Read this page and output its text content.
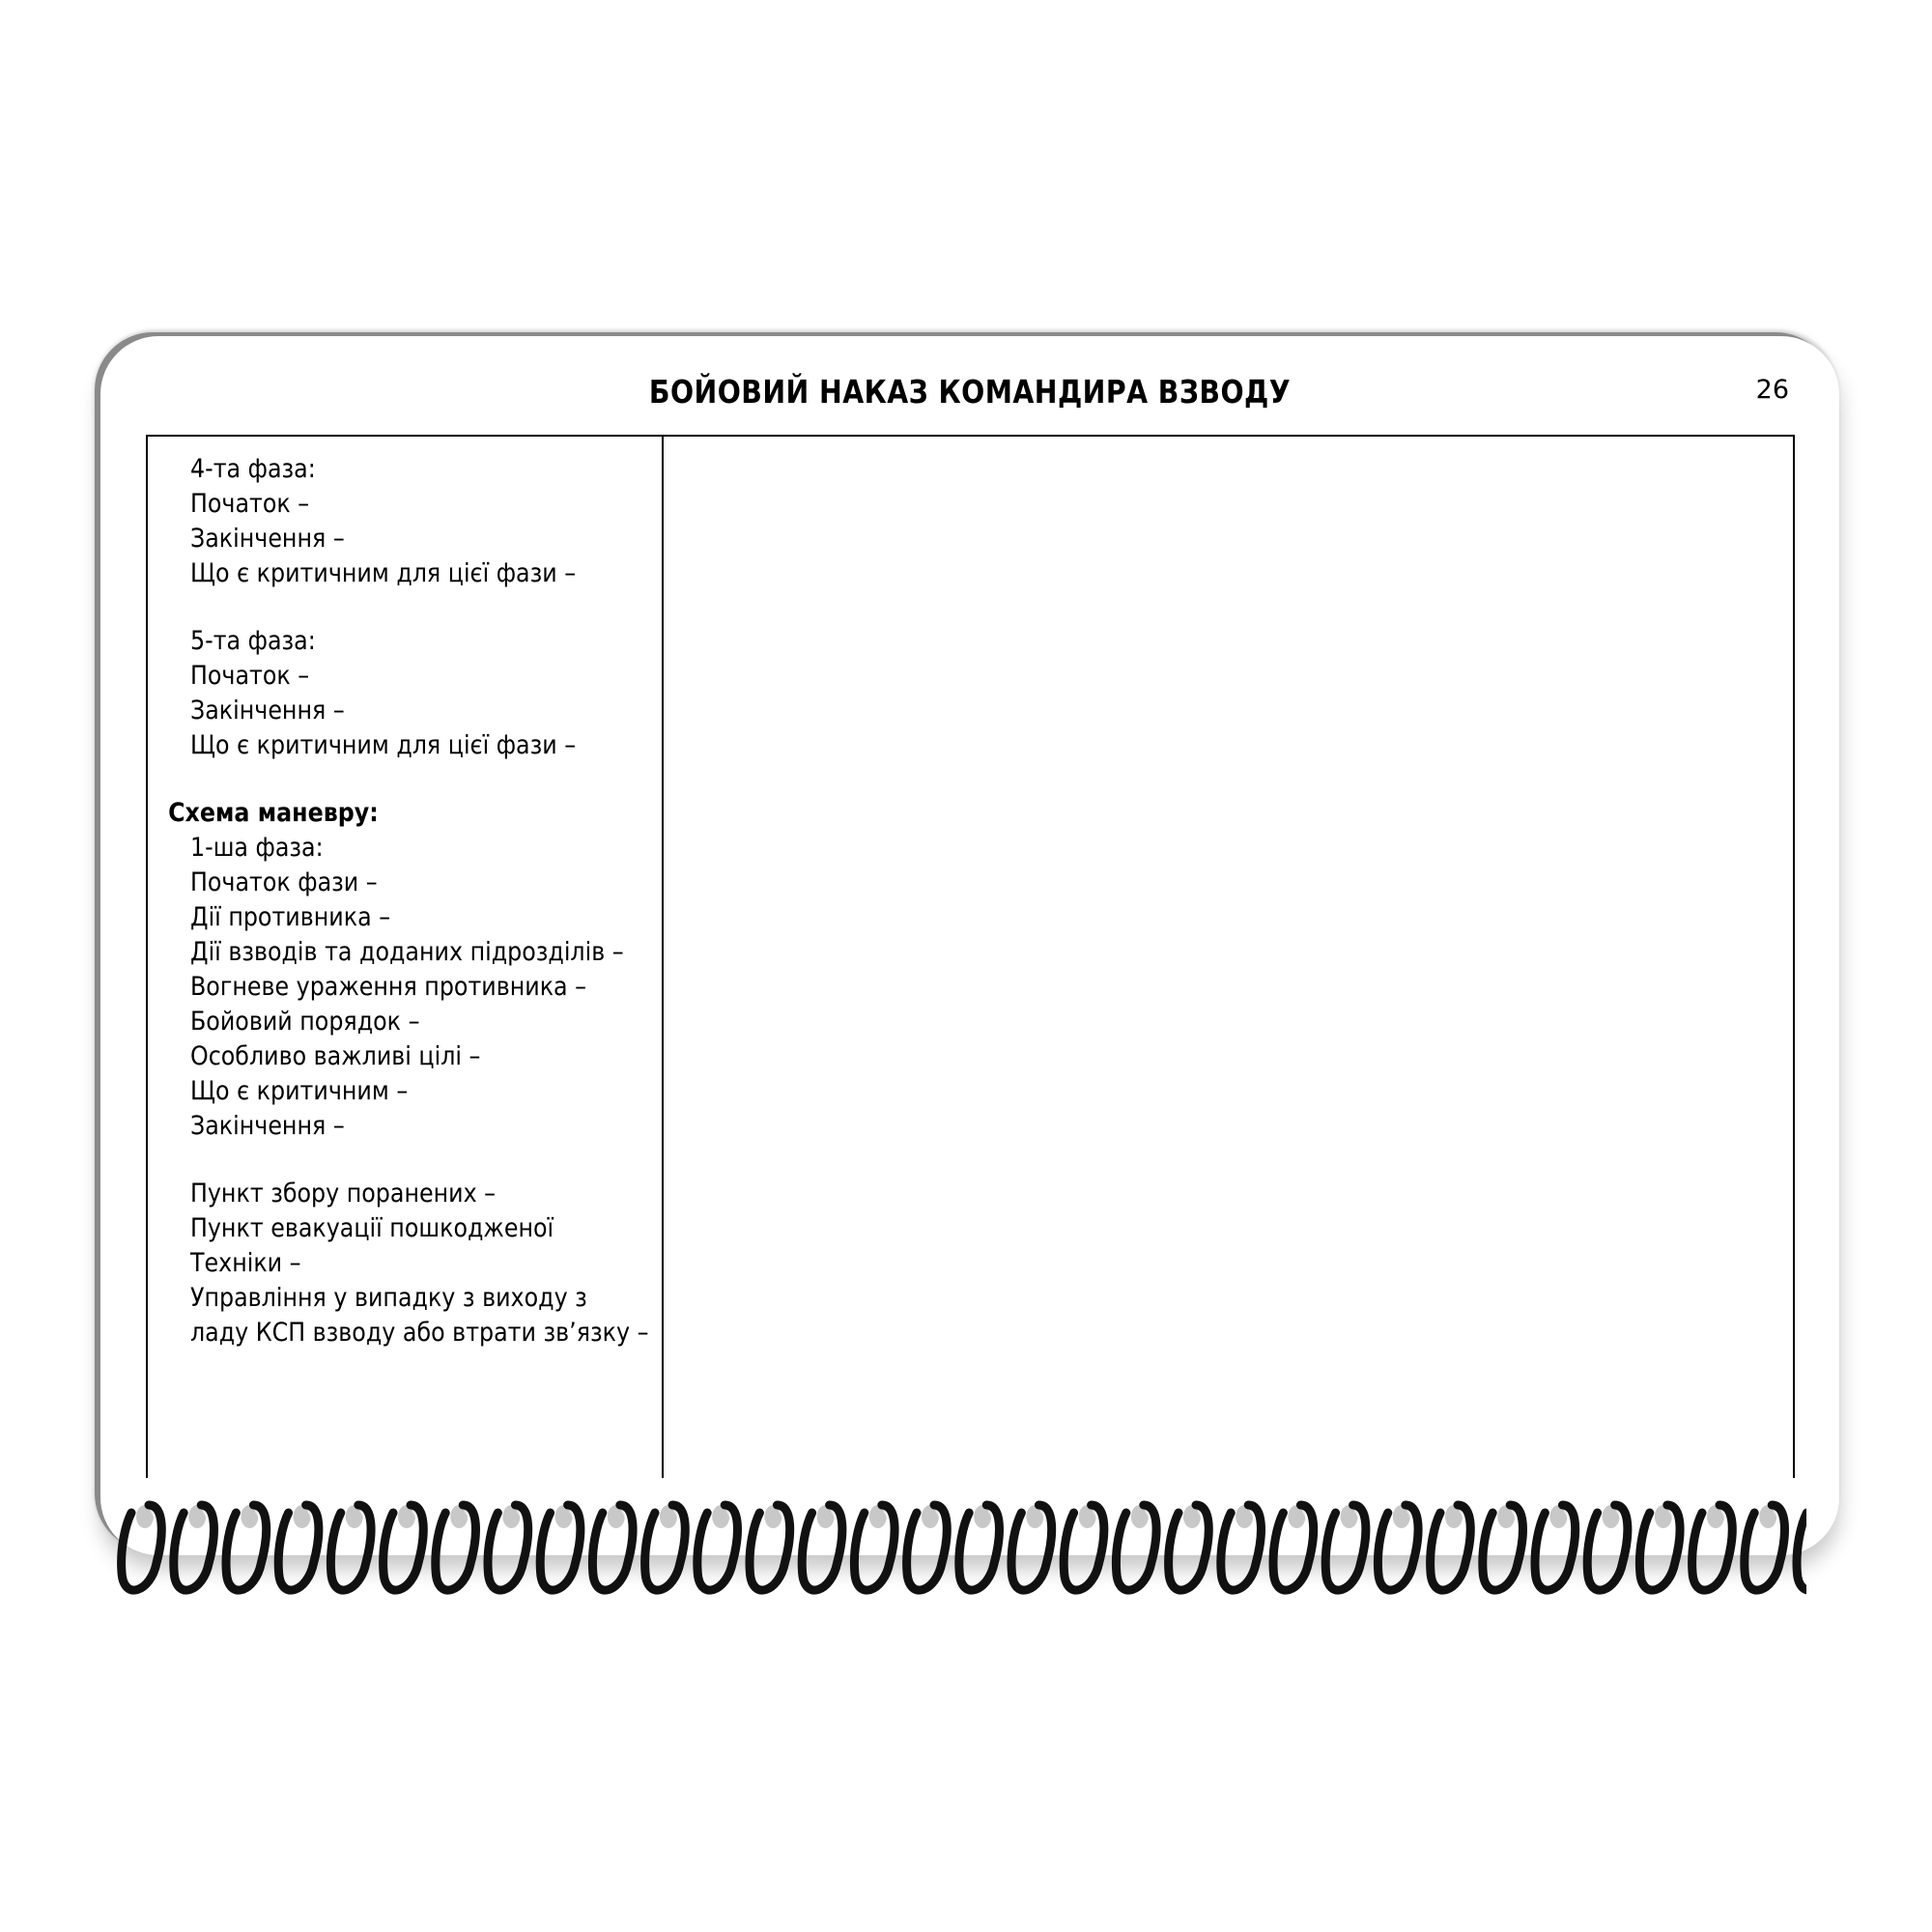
БОЙОВИЙ НАКАЗ КОМАНДИРА ВЗВОДУ	26
4-та фаза:
Початок –
Закінчення –
Що є критичним для цієї фази –
5-та фаза:
Початок –
Закінчення –
Що є критичним для цієї фази –
Схема маневру:
1-ша фаза:
Початок фази –
Дії противника –
Дії взводів та доданих підрозділів –
Вогневе ураження противника –
Бойовий порядок –
Особливо важливі цілі –
Що є критичним –
Закінчення –
Пункт збору поранених –
Пункт евакуації пошкодженої
Техніки –
Управління у випадку з виходу з
ладу КСП взводу або втрати зв’язку –
